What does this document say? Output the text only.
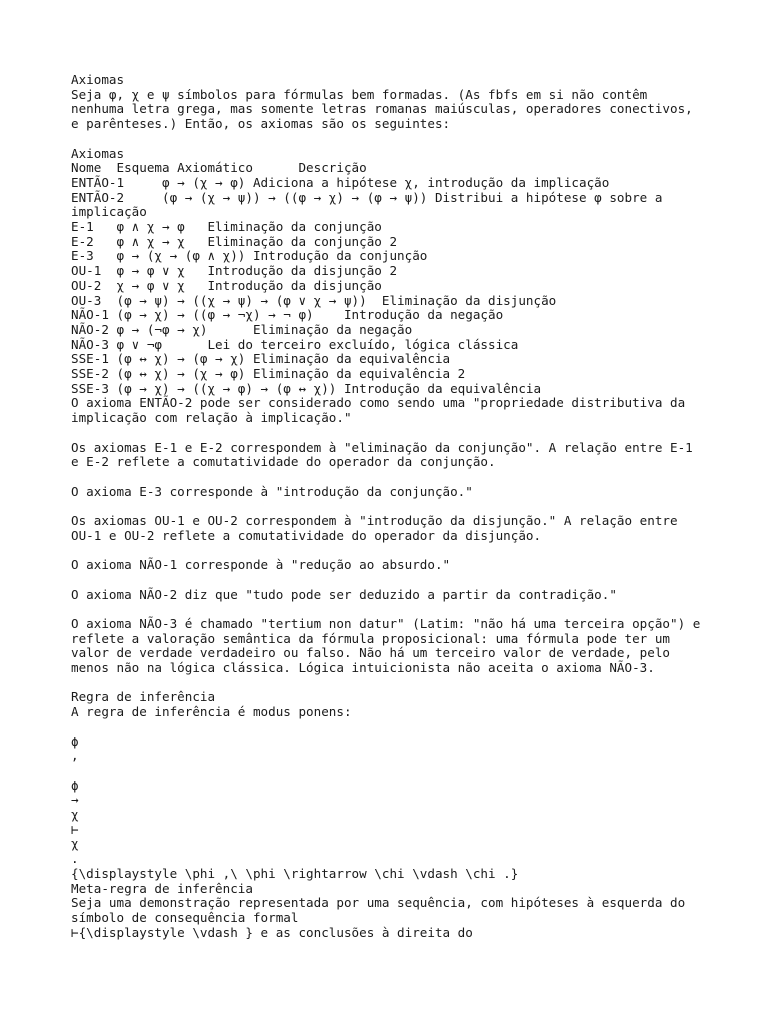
Axiomas
Seja φ, χ e ψ símbolos para fórmulas bem formadas. (As fbfs em si não contêm
nenhuma letra grega, mas somente letras romanas maiúsculas, operadores conectivos,
e parênteses.) Então, os axiomas são os seguintes:
Axiomas
Nome  Esquema Axiomático      Descrição
ENTÃO-1     φ → (χ → φ) Adiciona a hipótese χ, introdução da implicação
ENTÃO-2     (φ → (χ → ψ)) → ((φ → χ) → (φ → ψ)) Distribui a hipótese φ sobre a
implicação
E-1   φ ∧ χ → φ   Eliminação da conjunção
E-2   φ ∧ χ → χ   Eliminação da conjunção 2
E-3   φ → (χ → (φ ∧ χ)) Introdução da conjunção
OU-1  φ → φ ∨ χ   Introdução da disjunção 2
OU-2  χ → φ ∨ χ   Introdução da disjunção
OU-3  (φ → ψ) → ((χ → ψ) → (φ ∨ χ → ψ))  Eliminação da disjunção
NÃO-1 (φ → χ) → ((φ → ¬χ) → ¬ φ)    Introdução da negação
NÃO-2 φ → (¬φ → χ)      Eliminação da negação
NÃO-3 φ ∨ ¬φ      Lei do terceiro excluído, lógica clássica
SSE-1 (φ ↔ χ) → (φ → χ) Eliminação da equivalência
SSE-2 (φ ↔ χ) → (χ → φ) Eliminação da equivalência 2
SSE-3 (φ → χ) → ((χ → φ) → (φ ↔ χ)) Introdução da equivalência
O axioma ENTÃO-2 pode ser considerado como sendo uma "propriedade distributiva da
implicação com relação à implicação."
Os axiomas E-1 e E-2 correspondem à "eliminação da conjunção". A relação entre E-1
e E-2 reflete a comutatividade do operador da conjunção.
O axioma E-3 corresponde à "introdução da conjunção."
Os axiomas OU-1 e OU-2 correspondem à "introdução da disjunção." A relação entre
OU-1 e OU-2 reflete a comutatividade do operador da disjunção.
O axioma NÃO-1 corresponde à "redução ao absurdo."
O axioma NÃO-2 diz que "tudo pode ser deduzido a partir da contradição."
O axioma NÃO-3 é chamado "tertium non datur" (Latim: "não há uma terceira opção") e
reflete a valoração semântica da fórmula proposicional: uma fórmula pode ter um
valor de verdade verdadeiro ou falso. Não há um terceiro valor de verdade, pelo
menos não na lógica clássica. Lógica intuicionista não aceita o axioma NÃO-3.
Regra de inferência
A regra de inferência é modus ponens:
ϕ
,
ϕ
→
χ
⊢
χ
.
{\displaystyle \phi ,\ \phi \rightarrow \chi \vdash \chi .}
Meta-regra de inferência
Seja uma demonstração representada por uma sequência, com hipóteses à esquerda do
símbolo de consequência formal
⊢{\displaystyle \vdash } e as conclusões à direita do
